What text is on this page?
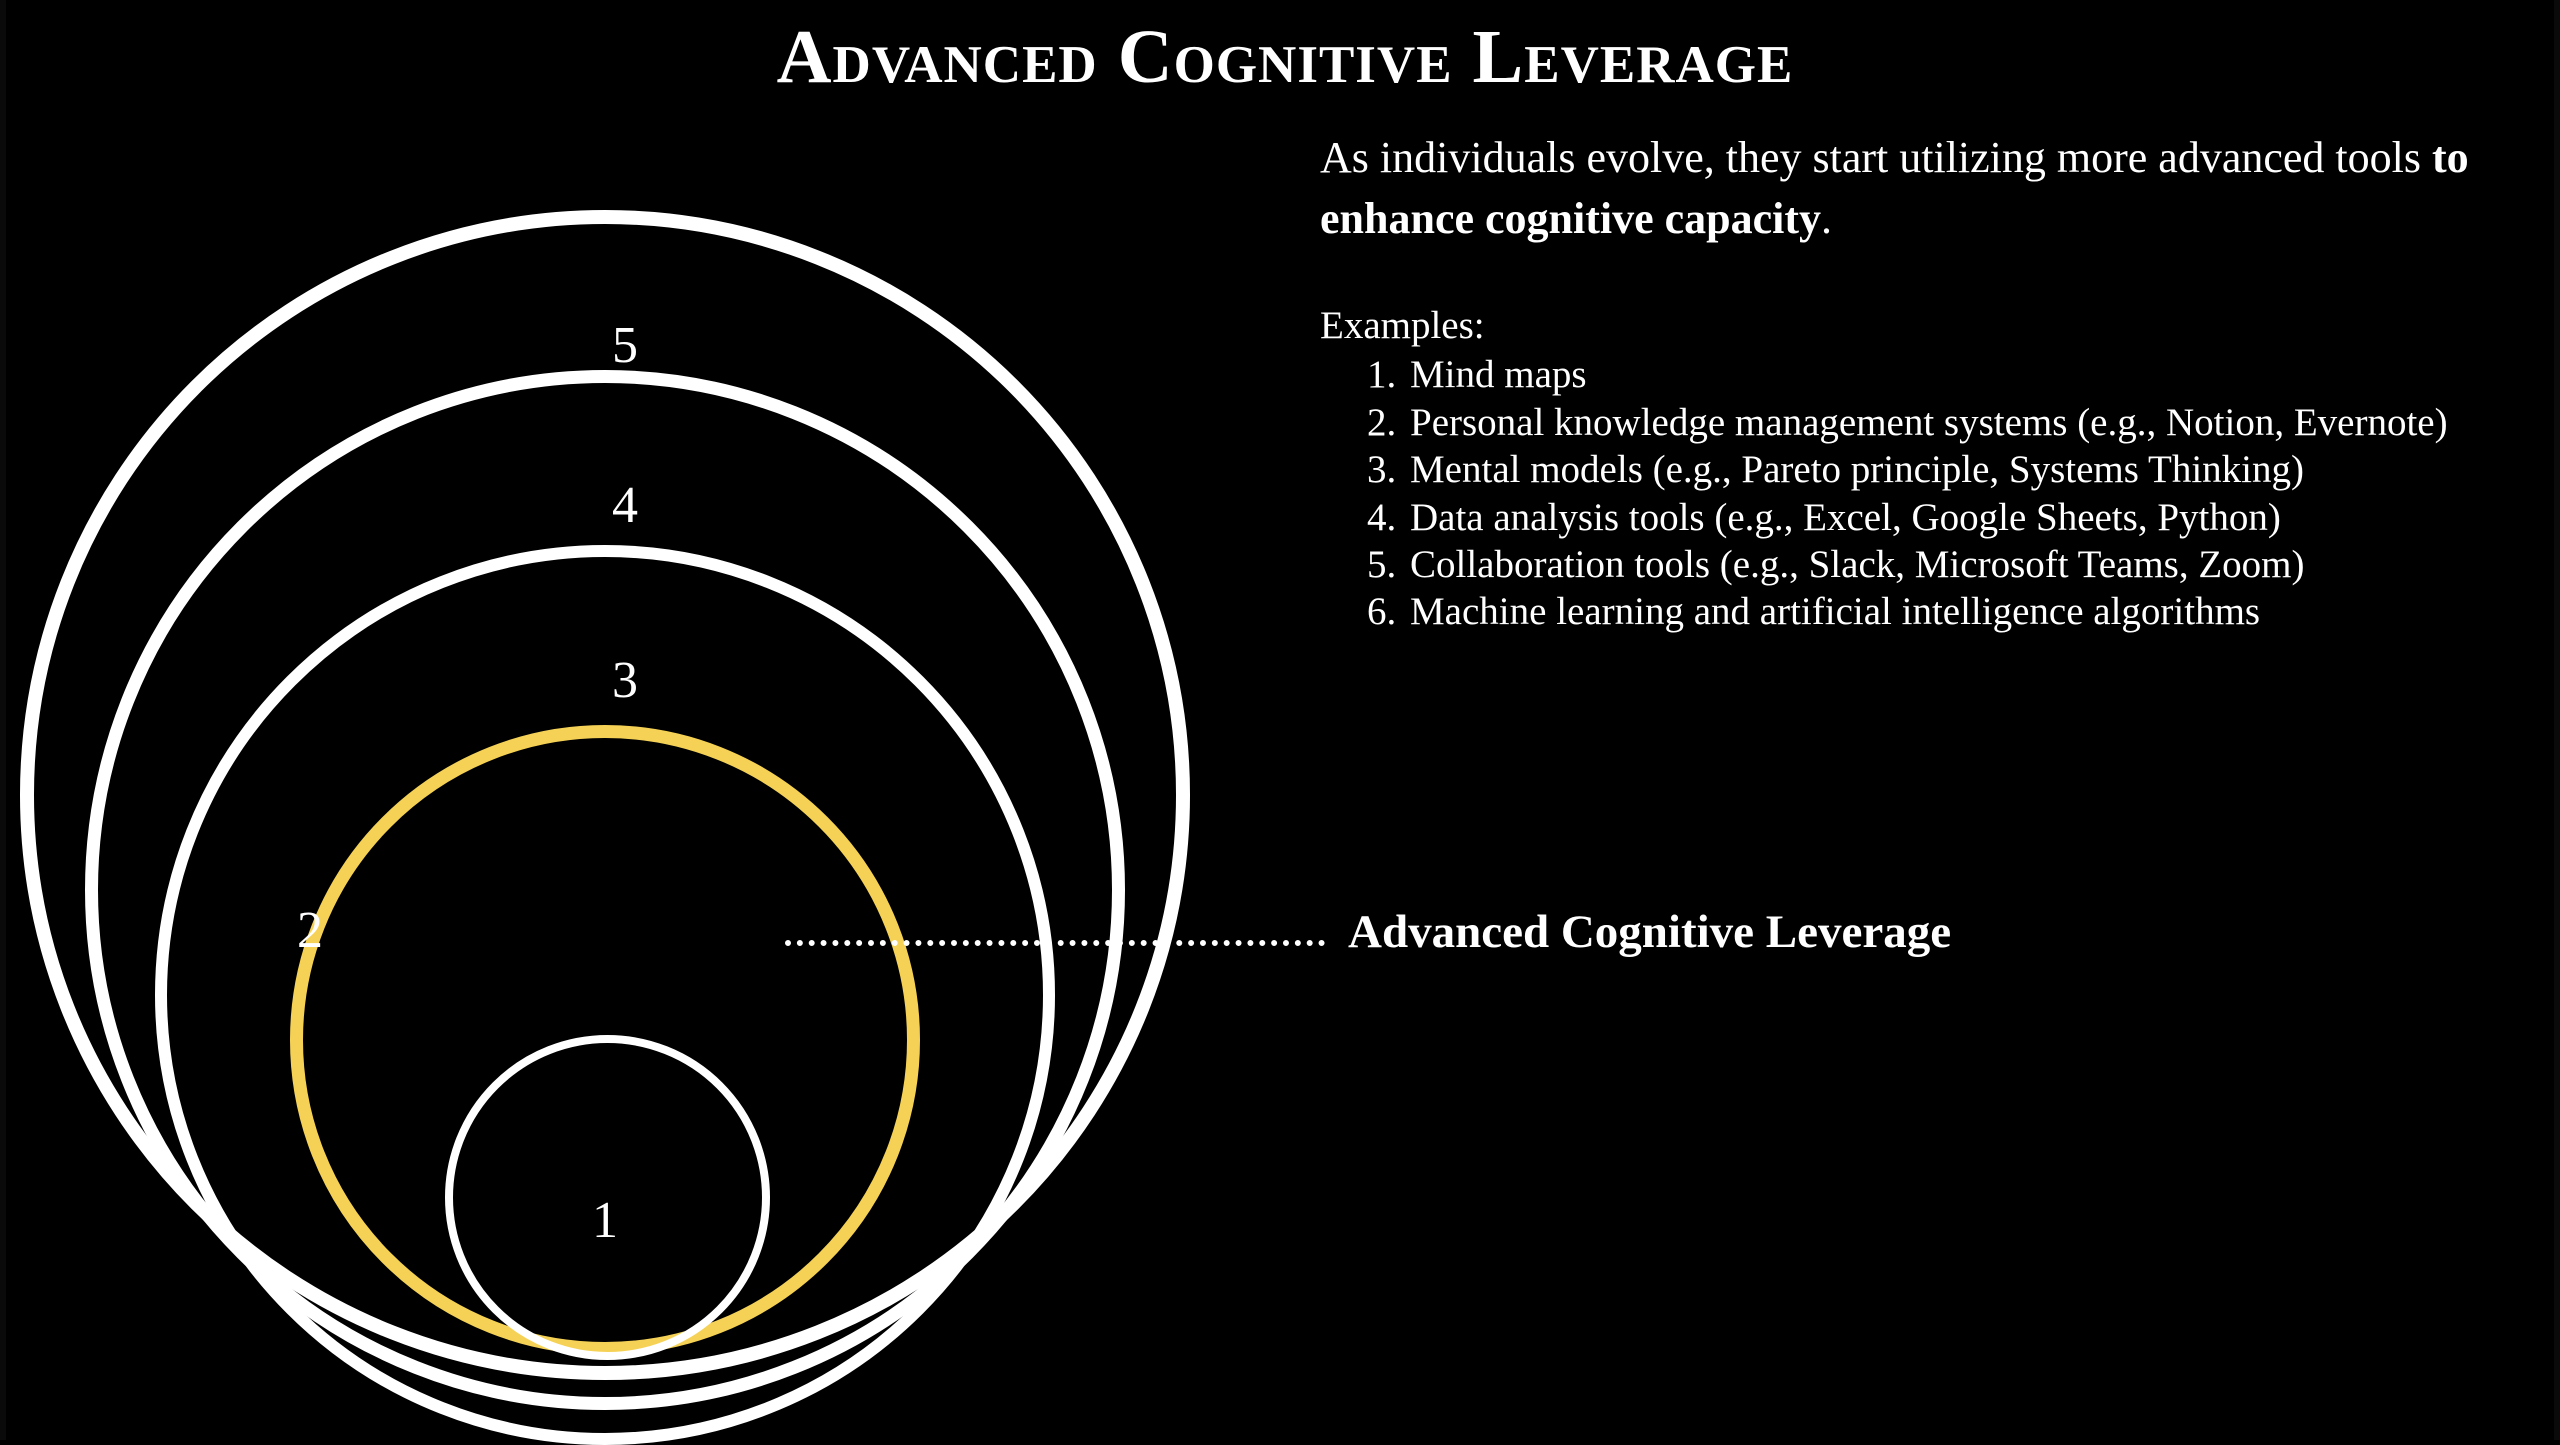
Advanced Cognitive Leverage
5
4
3
2
1
As individuals evolve, they start utilizing more advanced tools to enhance cognitive capacity.
Examples:
1. Mind maps
2. Personal knowledge management systems (e.g., Notion, Evernote)
3. Mental models (e.g., Pareto principle, Systems Thinking)
4. Data analysis tools (e.g., Excel, Google Sheets, Python)
5. Collaboration tools (e.g., Slack, Microsoft Teams, Zoom)
6. Machine learning and artificial intelligence algorithms
Advanced Cognitive Leverage
